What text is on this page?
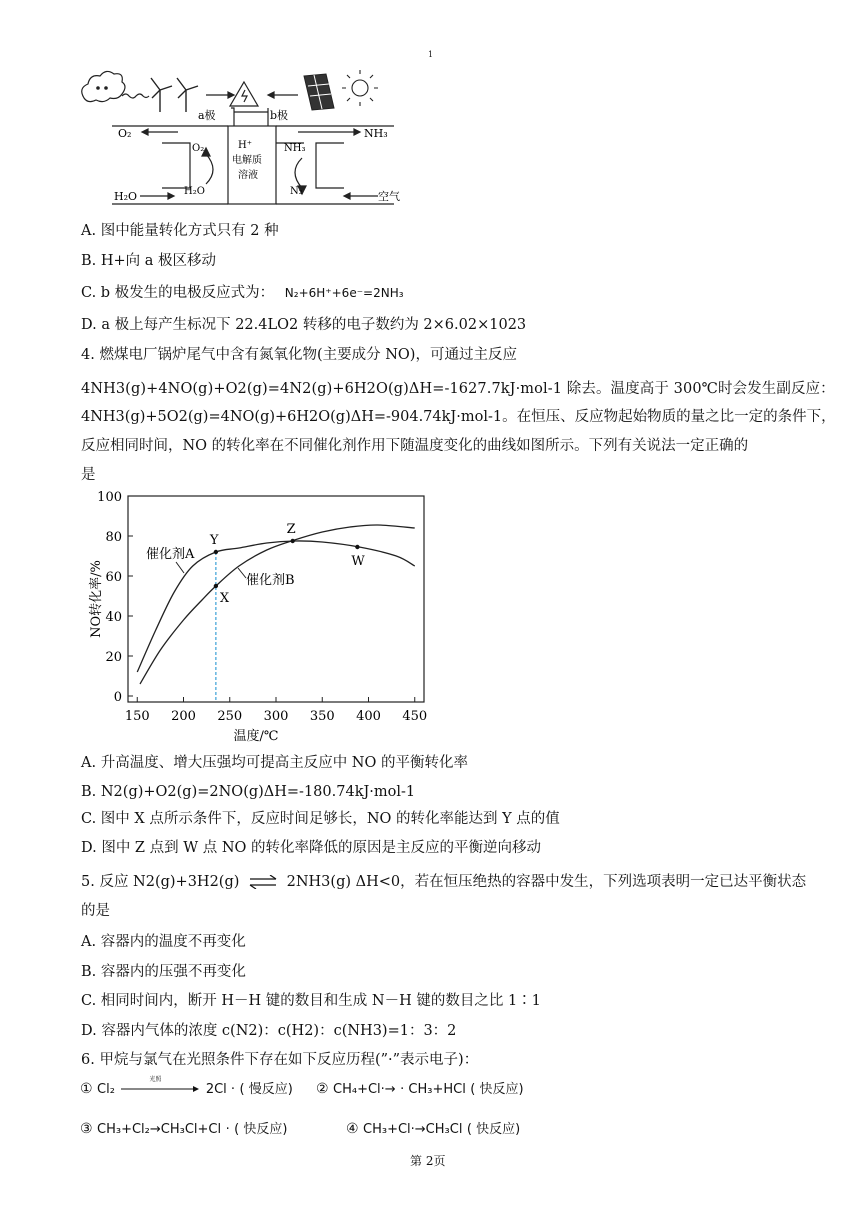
1
a极	b极
O₂	NH₃
O₂	H⁺
电解质
溶液
NH₃
H₂O	N₂
H₂O	空气
A. 图中能量转化方式只有 2 种
B. H+向 a 极区移动
C. b 极发生的电极反应式为： N₂+6H⁺+6e⁻=2NH₃
D. a 极上每产生标况下 22.4LO2 转移的电子数约为 2×6.02×1023
4. 燃煤电厂锅炉尾气中含有氮氧化物(主要成分 NO)，可通过主反应
4NH3(g)+4NO(g)+O2(g)=4N2(g)+6H2O(g)ΔH=-1627.7kJ·mol-1 除去。温度高于 300℃时会发生副反应：
4NH3(g)+5O2(g)=4NO(g)+6H2O(g)ΔH=-904.74kJ·mol-1。在恒压、反应物起始物质的量之比一定的条件下，
反应相同时间，NO 的转化率在不同催化剂作用下随温度变化的曲线如图所示。下列有关说法一定正确的
是
150 200 250 300 350 400 450
0
20
40
60
80
100
温度/℃
NO转化率/%
催化剂A
催化剂B
Y
X
Z
W
A. 升高温度、增大压强均可提高主反应中 NO 的平衡转化率
B. N2(g)+O2(g)=2NO(g)ΔH=-180.74kJ·mol-1
C. 图中 X 点所示条件下，反应时间足够长，NO 的转化率能达到 Y 点的值
D. 图中 Z 点到 W 点 NO 的转化率降低的原因是主反应的平衡逆向移动
5. 反应 N2(g)+3H2(g) ⇌ 2NH3(g) ΔH<0，若在恒压绝热的容器中发生，下列选项表明一定已达平衡状态
的是
A. 容器内的温度不再变化
B. 容器内的压强不再变化
C. 相同时间内，断开 H－H 键的数目和生成 N－H 键的数目之比 1∶1
D. 容器内气体的浓度 c(N2)：c(H2)：c(NH3)=1：3：2
6. 甲烷与氯气在光照条件下存在如下反应历程(”·”表示电子)：
① Cl₂
光照
2Cl · ( 慢反应) ② CH₄+Cl·→ · CH₃+HCl ( 快反应)
③ CH₃+Cl₂→CH₃Cl+Cl · ( 快反应)	④ CH₃+Cl·→CH₃Cl ( 快反应)
第 2页
